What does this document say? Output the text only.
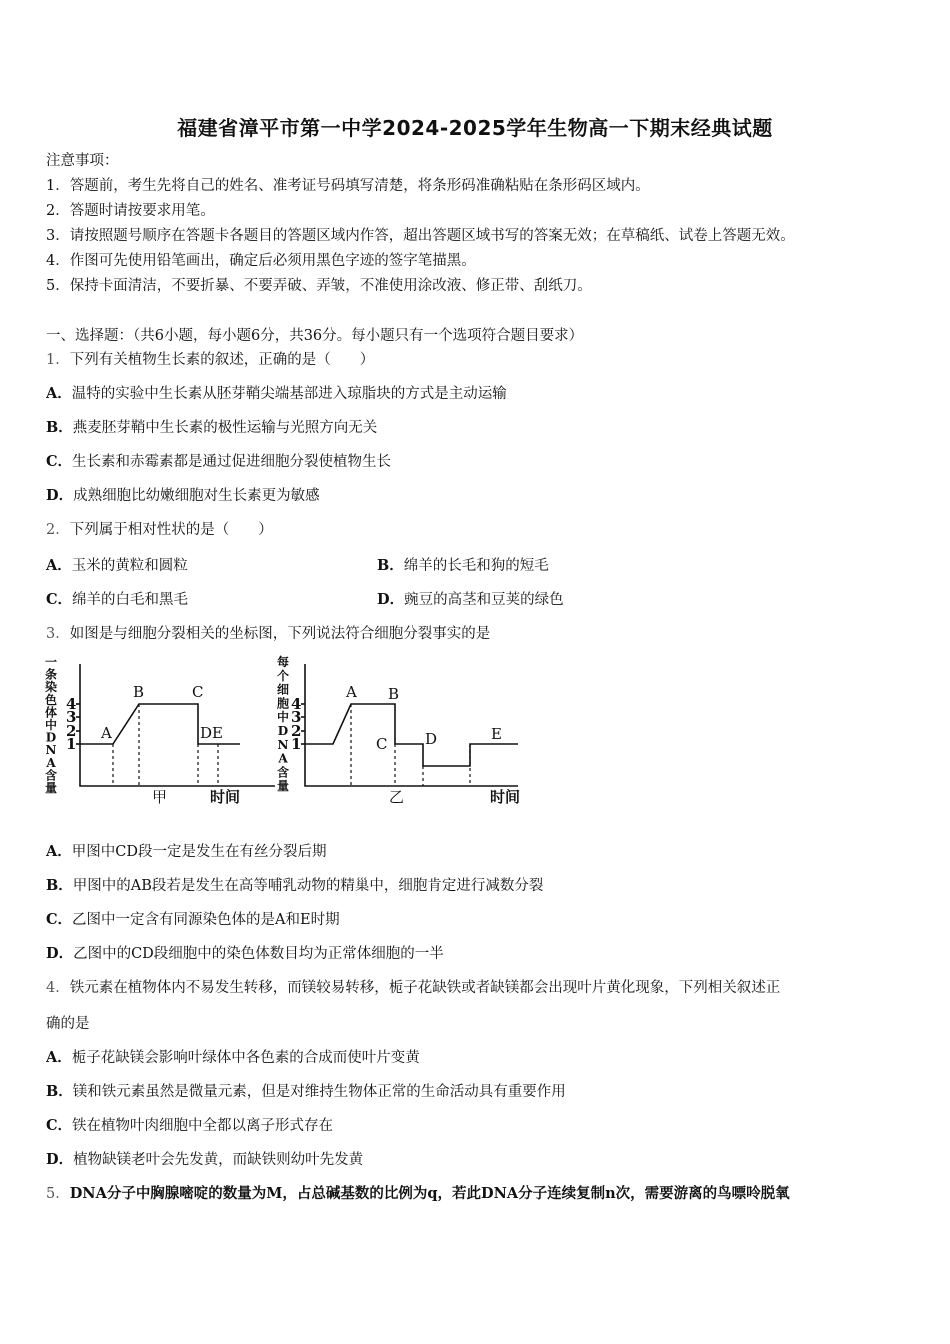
福建省漳平市第一中学2024-2025学年生物高一下期末经典试题
注意事项：
1．答题前，考生先将自己的姓名、准考证号码填写清楚，将条形码准确粘贴在条形码区域内。
2．答题时请按要求用笔。
3．请按照题号顺序在答题卡各题目的答题区域内作答，超出答题区域书写的答案无效；在草稿纸、试卷上答题无效。
4．作图可先使用铅笔画出，确定后必须用黑色字迹的签字笔描黑。
5．保持卡面清洁，不要折暴、不要弄破、弄皱，不准使用涂改液、修正带、刮纸刀。
一、选择题：（共6小题，每小题6分，共36分。每小题只有一个选项符合题目要求）
1．下列有关植物生长素的叙述，正确的是（　　）
A．温特的实验中生长素从胚芽鞘尖端基部进入琼脂块的方式是主动运输
B．燕麦胚芽鞘中生长素的极性运输与光照方向无关
C．生长素和赤霉素都是通过促进细胞分裂使植物生长
D．成熟细胞比幼嫩细胞对生长素更为敏感
2．下列属于相对性状的是（　　）
A．玉米的黄粒和圆粒	B．绵羊的长毛和狗的短毛
C．绵羊的白毛和黑毛	D．豌豆的高茎和豆荚的绿色
3．如图是与细胞分裂相关的坐标图，下列说法符合细胞分裂事实的是
一
条
染
色
体
中
D
N
A
含
量
4
3
2
1
A
B	C
D E
甲	时间
每
个
细
胞
中
D
N
A
含
量
4
3
2
1
A B
C	D	E
乙	时间
A．甲图中CD段一定是发生在有丝分裂后期
B．甲图中的AB段若是发生在高等哺乳动物的精巢中，细胞肯定进行减数分裂
C．乙图中一定含有同源染色体的是A和E时期
D．乙图中的CD段细胞中的染色体数目均为正常体细胞的一半
4．铁元素在植物体内不易发生转移，而镁较易转移，栀子花缺铁或者缺镁都会出现叶片黄化现象，下列相关叙述正
确的是
A．栀子花缺镁会影响叶绿体中各色素的合成而使叶片变黄
B．镁和铁元素虽然是微量元素，但是对维持生物体正常的生命活动具有重要作用
C．铁在植物叶肉细胞中全都以离子形式存在
D．植物缺镁老叶会先发黄，而缺铁则幼叶先发黄
5．DNA分子中胸腺嘧啶的数量为M，占总碱基数的比例为q，若此DNA分子连续复制n次，需要游离的鸟嘌呤脱氧
